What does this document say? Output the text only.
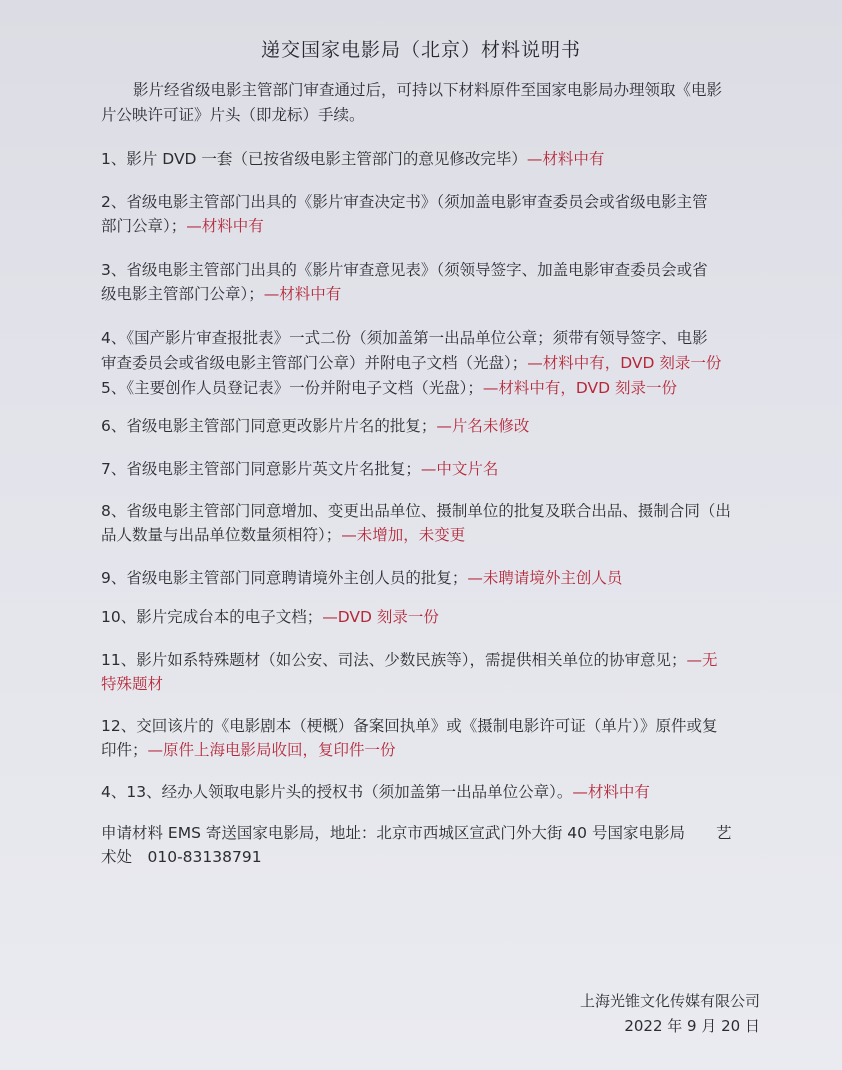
递交国家电影局（北京）材料说明书
影片经省级电影主管部门审查通过后，可持以下材料原件至国家电影局办理领取《电影
片公映许可证》片头（即龙标）手续。
1、影片 DVD 一套（已按省级电影主管部门的意见修改完毕）—材料中有
2、省级电影主管部门出具的《影片审查决定书》（须加盖电影审查委员会或省级电影主管
部门公章）；—材料中有
3、省级电影主管部门出具的《影片审查意见表》（须领导签字、加盖电影审查委员会或省
级电影主管部门公章）；—材料中有
4、《国产影片审查报批表》一式二份（须加盖第一出品单位公章；须带有领导签字、电影
审查委员会或省级电影主管部门公章）并附电子文档（光盘）；—材料中有，DVD 刻录一份
5、《主要创作人员登记表》一份并附电子文档（光盘）；—材料中有，DVD 刻录一份
6、省级电影主管部门同意更改影片片名的批复；—片名未修改
7、省级电影主管部门同意影片英文片名批复；—中文片名
8、省级电影主管部门同意增加、变更出品单位、摄制单位的批复及联合出品、摄制合同（出
品人数量与出品单位数量须相符）；—未增加，未变更
9、省级电影主管部门同意聘请境外主创人员的批复；—未聘请境外主创人员
10、影片完成台本的电子文档；—DVD 刻录一份
11、影片如系特殊题材（如公安、司法、少数民族等），需提供相关单位的协审意见；—无
特殊题材
12、交回该片的《电影剧本（梗概）备案回执单》或《摄制电影许可证（单片）》原件或复
印件；—原件上海电影局收回，复印件一份
4、13、经办人领取电影片头的授权书（须加盖第一出品单位公章）。—材料中有
申请材料 EMS 寄送国家电影局，地址：北京市西城区宣武门外大街 40 号国家电影局　　艺
术处　010-83138791
上海光锥文化传媒有限公司
2022 年 9 月 20 日
